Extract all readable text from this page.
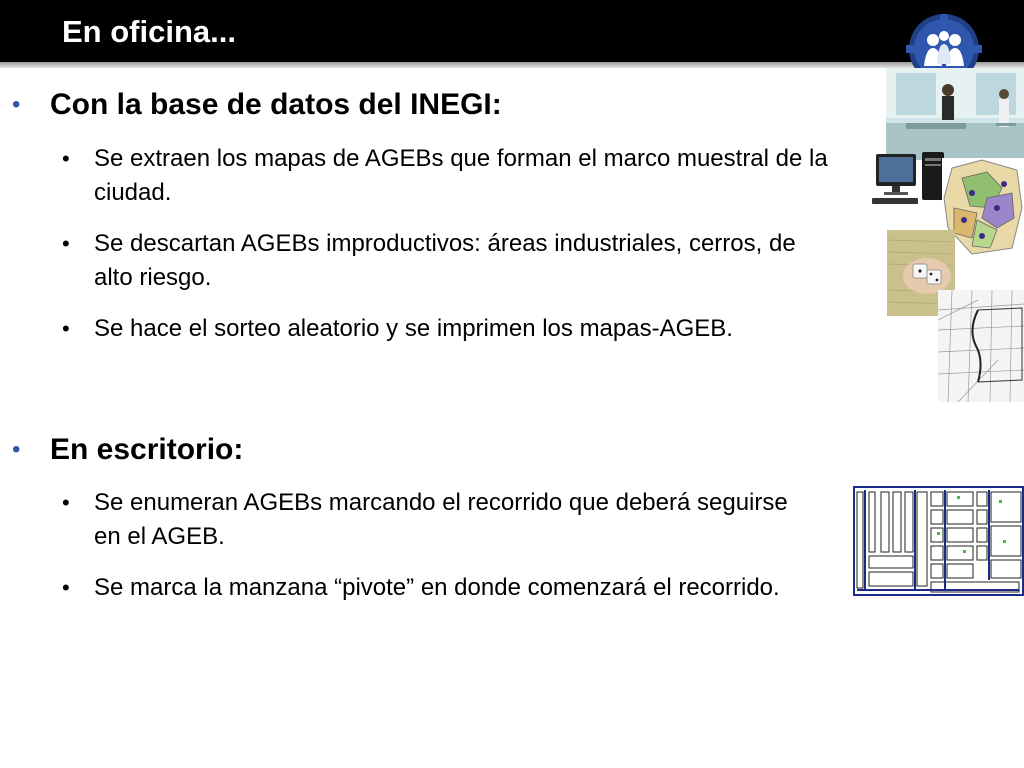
En oficina...
• Con la base de datos del INEGI:
• Se extraen los mapas de AGEBs que forman el marco muestral de la ciudad.
• Se descartan AGEBs improductivos: áreas industriales, cerros, de alto riesgo.
• Se hace el sorteo aleatorio y se imprimen los mapas-AGEB.
• En escritorio:
• Se enumeran AGEBs marcando el recorrido que deberá seguirse en el AGEB.
• Se marca la manzana “pivote” en donde comenzará el recorrido.
